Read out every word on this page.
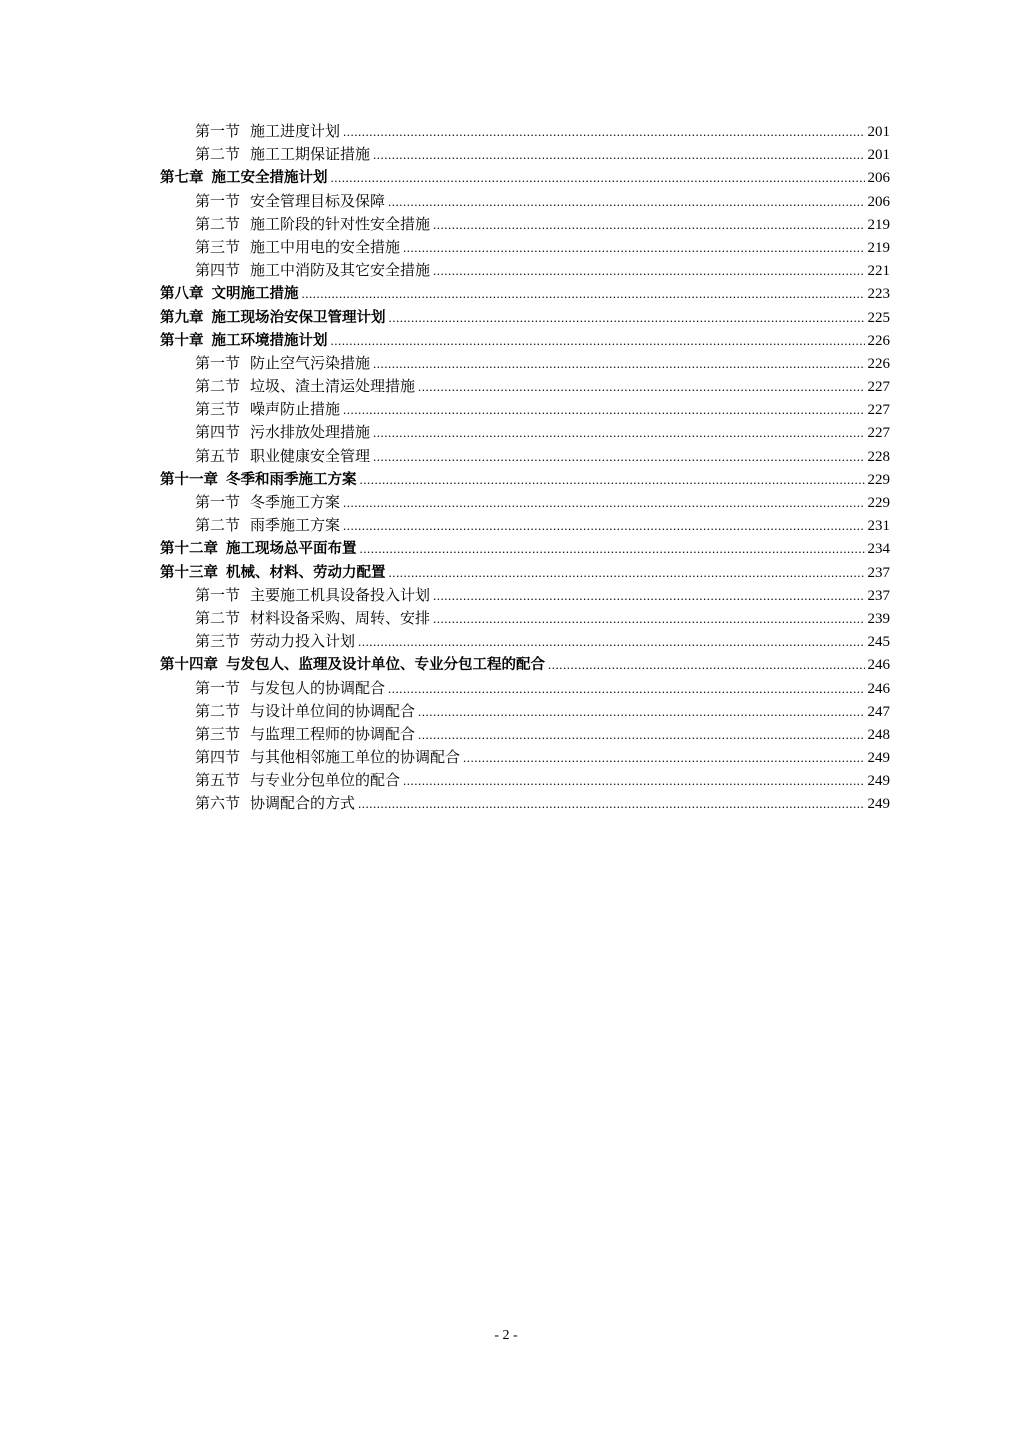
第一节 施工进度计划 .....	201
第二节 施工工期保证措施 .....	201
第七章 施工安全措施计划 .....	206
第一节 安全管理目标及保障 .....	206
第二节 施工阶段的针对性安全措施 .....	219
第三节 施工中用电的安全措施 .....	219
第四节 施工中消防及其它安全措施 .....	221
第八章 文明施工措施 .....	223
第九章 施工现场治安保卫管理计划 .....	225
第十章 施工环境措施计划 .....	226
第一节 防止空气污染措施 .....	226
第二节 垃圾、渣土清运处理措施 .....	227
第三节 噪声防止措施 .....	227
第四节 污水排放处理措施 .....	227
第五节 职业健康安全管理 .....	228
第十一章 冬季和雨季施工方案 .....	229
第一节 冬季施工方案 .....	229
第二节 雨季施工方案 .....	231
第十二章 施工现场总平面布置 .....	234
第十三章 机械、材料、劳动力配置 .....	237
第一节 主要施工机具设备投入计划 .....	237
第二节 材料设备采购、周转、安排 .....	239
第三节 劳动力投入计划 .....	245
第十四章 与发包人、监理及设计单位、专业分包工程的配合 .....	246
第一节 与发包人的协调配合 .....	246
第二节 与设计单位间的协调配合 .....	247
第三节 与监理工程师的协调配合 .....	248
第四节 与其他相邻施工单位的协调配合 .....	249
第五节 与专业分包单位的配合 .....	249
第六节 协调配合的方式 .....	249
- 2 -
